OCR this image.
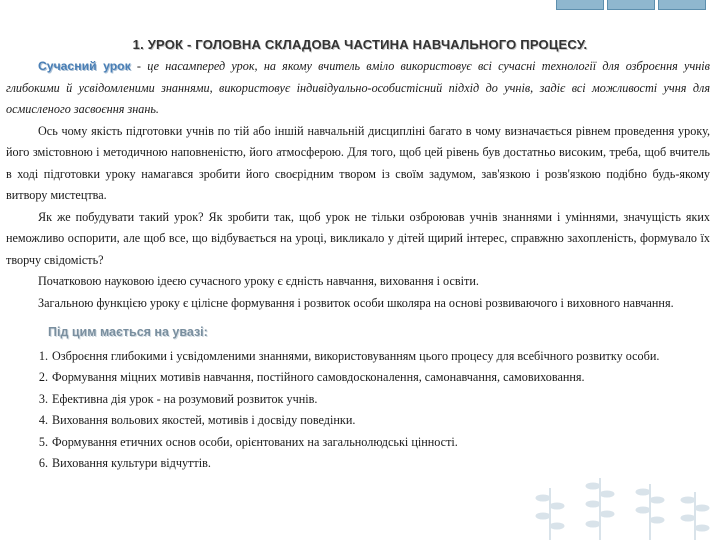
1. УРОК - ГОЛОВНА СКЛАДОВА ЧАСТИНА НАВЧАЛЬНОГО ПРОЦЕСУ.

Сучасний урок - це насамперед урок, на якому вчитель вміло використовує всі сучасні технології для озброєння учнів глибокими й усвідомленими знаннями, використовує індивідуально-особистісний підхід до учнів, задіє всі можливості учня для осмисленого засвоєння знань.

Ось чому якість підготовки учнів по тій або іншій навчальній дисципліні багато в чому визначається рівнем проведення уроку, його змістовною і методичною наповненістю, його атмосферою. Для того, щоб цей рівень був достатньо високим, треба, щоб вчитель в ході підготовки уроку намагався зробити його своєрідним твором із своїм задумом, зав'язкою і розв'язкою подібно будь-якому витвору мистецтва.

Як же побудувати такий урок? Як зробити так, щоб урок не тільки озброював учнів знаннями і уміннями, значущість яких неможливо оспорити, але щоб все, що відбувається на уроці, викликало у дітей щирий інтерес, справжню захопленість, формувало їх творчу свідомість?

Початковою науковою ідеєю сучасного уроку є єдність навчання, виховання і освіти.

Загальною функцією уроку є цілісне формування і розвиток особи школяра на основі розвиваючого і виховного навчання.

Під цим мається на увазі:
1. Озброєння глибокими і усвідомленими знаннями, використовуванням цього процесу для всебічного розвитку особи.
2. Формування міцних мотивів навчання, постійного самовдосконалення, самонавчання, самовиховання.
3. Ефективна дія урок - на розумовий розвиток учнів.
4. Виховання вольових якостей, мотивів і досвіду поведінки.
5. Формування етичних основ особи, орієнтованих на загальнолюдські цінності.
6. Виховання культури відчуттів.
